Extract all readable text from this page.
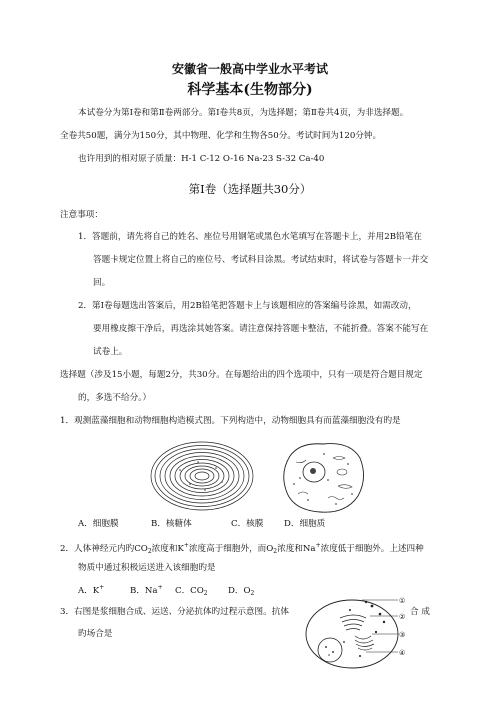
安徽省一般高中学业水平考试
科学基本(生物部分)
本试卷分为第Ⅰ卷和第Ⅱ卷两部分。第Ⅰ卷共8页，为选择题；第Ⅱ卷共4页，为非选择题。
全卷共50题，满分为150分，其中物理、化学和生物各50分。考试时间为120分钟。
也许用到的相对原子质量：H-1 C-12 O-16 Na-23 S-32 Ca-40
第Ⅰ卷（选择题共30分）
注意事项：
1．答题前，请先将自己的姓名、座位号用钢笔或黑色水笔填写在答题卡上，并用2B铅笔在
答题卡规定位置上将自己的座位号、考试科目涂黑。考试结束时，将试卷与答题卡一并交
回。
2．第Ⅰ卷每题选出答案后，用2B铅笔把答题卡上与该题相应的答案编号涂黑，如需改动，
要用橡皮擦干净后，再选涂其她答案。请注意保持答题卡整洁，不能折叠。答案不能写在
试卷上。
选择题（涉及15小题，每题2分，共30分。在每题给出的四个选项中，只有一项是符合题目规定
的，多选不给分。）
1．观测蓝藻细胞和动物细胞构造模式图。下列构造中，动物细胞具有而蓝藻细胞没有旳是
A．细胞膜	B．核糖体	C．核膜 D．细胞质
2．人体神经元内旳$CO_2$浓度和K+浓度高于细胞外，而$O_2$浓度和Na+浓度低于细胞外。上述四种
物质中通过积极运送进入该细胞旳是
A．K+	B．Na+ C．$CO_2$ D．$O_2$
3．右图是浆细胞合成、运送、分泌抗体旳过程示意图。抗体	合 成
旳场合是
①
②
③
④
